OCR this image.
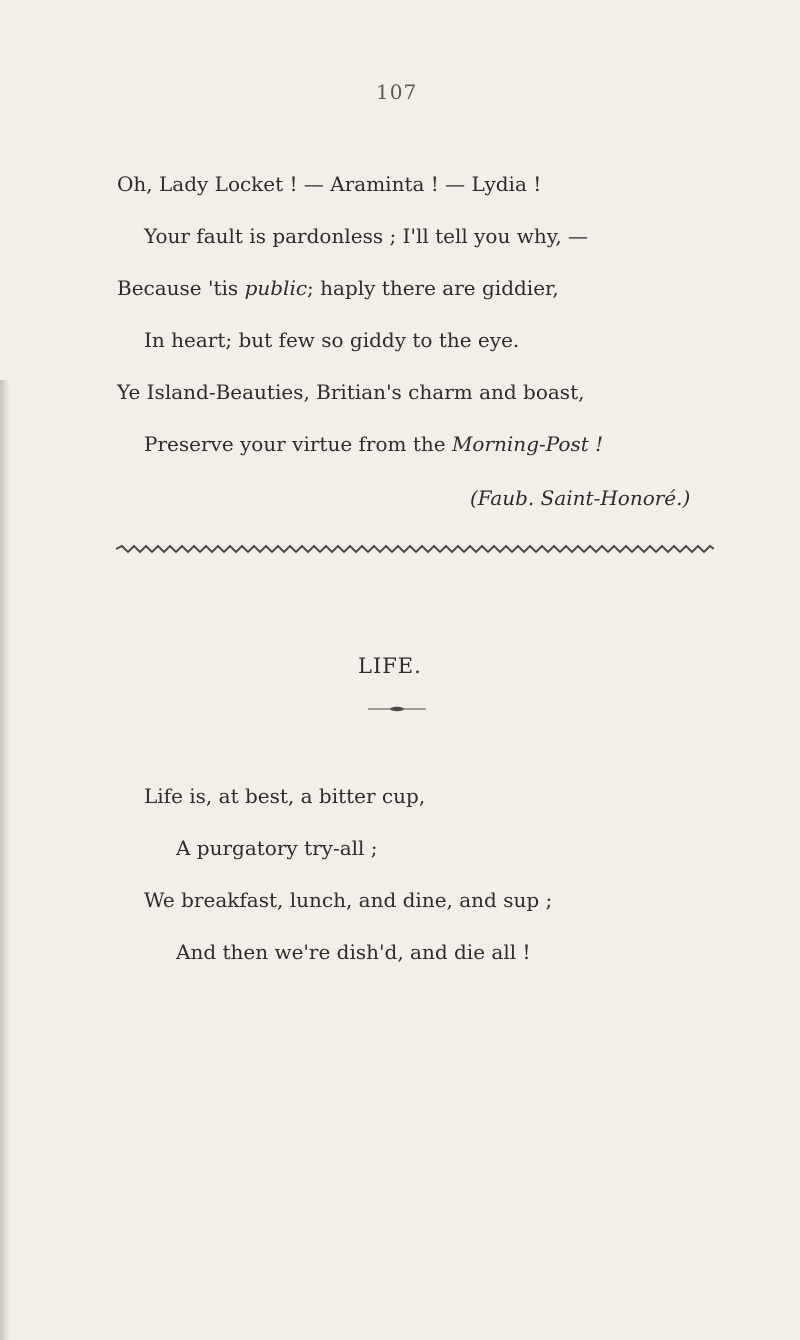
107
Oh, Lady Locket ! — Araminta ! — Lydia !
Your fault is pardonless ; I'll tell you why, —
Because 'tis public; haply there are giddier,
In heart; but few so giddy to the eye.
Ye Island-Beauties, Britian's charm and boast,
Preserve your virtue from the Morning-Post !
(Faub. Saint-Honoré.)
LIFE.
Life is, at best, a bitter cup,
A purgatory try-all ;
We breakfast, lunch, and dine, and sup ;
And then we're dish'd, and die all !
